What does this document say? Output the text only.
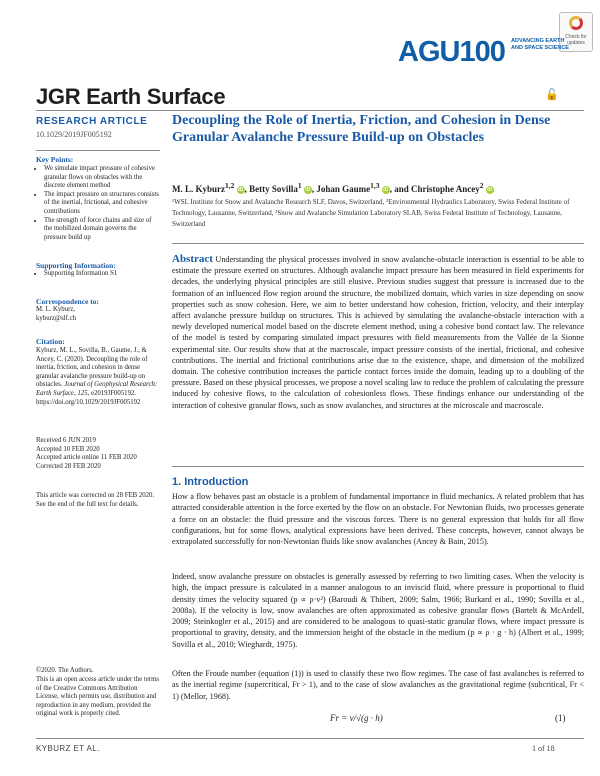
Check for updates
AGU100 ADVANCING EARTH AND SPACE SCIENCE
JGR Earth Surface	🔓
RESEARCH ARTICLE
10.1029/2019JF005192
Decoupling the Role of Inertia, Friction, and Cohesion in Dense Granular Avalanche Pressure Build-up on Obstacles
M. L. Kyburz$^{1,2}$ iD , Betty Sovilla$^1$ iD , Johan Gaume$^{1,3}$ iD , and Christophe Ancey$^2$ iD
¹WSL Institute for Snow and Avalanche Research SLF, Davos, Switzerland, ²Environmental Hydraulics Laboratory, Swiss Federal Institute of Technology, Lausanne, Switzerland, ³Snow and Avalanche Simulation Laboratory SLAB, Swiss Federal Institute of Technology, Lausanne, Switzerland
Abstract Understanding the physical processes involved in snow avalanche-obstacle interaction is essential to be able to estimate the pressure exerted on structures. Although avalanche impact pressure has been measured in field experiments for decades, the underlying physical principles are still elusive. Previous studies suggest that pressure is increased due to the formation of an influenced flow region around the structure, the mobilized domain, which varies in size depending on snow properties such as snow cohesion. Here, we aim to better understand how cohesion, friction, velocity, and their interplay affect avalanche pressure buildup on structures. This is achieved by simulating the avalanche-obstacle interaction with a newly developed numerical model based on the discrete element method, using a cohesive bond contact law. The relevance of the model is tested by comparing simulated impact pressures with field measurements from the Vallée de la Sionne experimental site. Our results show that at the macroscale, impact pressure consists of the inertial, frictional, and cohesive contributions. The inertial and frictional contributions arise due to the existence, shape, and dimension of the mobilized domain. The cohesive contribution increases the particle contact forces inside the domain, leading up to a doubling of the pressure. Based on these physical processes, we propose a novel scaling law to reduce the problem of calculating the pressure induced by cohesive flows, to the calculation of cohesionless flows. These findings enhance our understanding of the interaction of cohesive granular flows, such as snow avalanches, and structures at the microscale and macroscale.
Key Points:
• We simulate impact pressure of cohesive granular flows on obstacles with the discrete element method
• The impact pressure on structures consists of the inertial, frictional, and cohesive contributions
• The strength of force chains and size of the mobilized domain governs the pressure build up
Supporting Information:
• Supporting Information S1
Correspondence to:
M. L. Kyburz,
kyburz@slf.ch
Citation:
Kyburz, M. L., Sovilla, B., Gaume, J., & Ancey, C. (2020). Decoupling the role of inertia, friction, and cohesion in dense granular avalanche pressure build-up on obstacles. Journal of Geophysical Research: Earth Surface, 125, e2019JF005192. https://doi.org/10.1029/2019JF005192
Received 6 JUN 2019
Accepted 10 FEB 2020
Accepted article online 11 FEB 2020
Corrected 28 FEB 2020
This article was corrected on 28 FEB 2020. See the end of the full text for details.
©2020. The Authors.
This is an open access article under the terms of the Creative Commons Attribution License, which permits use, distribution and reproduction in any medium, provided the original work is properly cited.
1. Introduction
How a flow behaves past an obstacle is a problem of fundamental importance in fluid mechanics. A related problem that has attracted considerable attention is the force exerted by the flow on an obstacle. For Newtonian fluids, two processes generate a force on an obstacle: the fluid pressure and the viscous forces. There is no general expression that holds for all flow configurations, but for some flows, analytical expressions have been derived. These concepts, however, cannot always be extrapolated successfully for non-Newtonian fluids like snow avalanches (Ancey & Bain, 2015).
Indeed, snow avalanche pressure on obstacles is generally assessed by referring to two limiting cases. When the velocity is high, the impact pressure is calculated in a manner analogous to an inviscid fluid, where pressure is proportional to fluid density times the velocity squared (p ∝ ρ·v²) (Baroudi & Thibert, 2009; Salm, 1966; Burkard et al., 1990; Sovilla et al., 2008a). If the velocity is low, snow avalanches are often approximated as cohesive granular flows (Bartelt & McArdell, 2009; Steinkogler et al., 2015) and are considered to be analogous to quasi-static granular flows, where impact pressure is proportional to gravity, density, and the immersion height of the obstacle in the medium (p ∝ ρ · g · h) (Albert et al., 1999; Sovilla et al., 2010; Wieghardt, 1975).
Often the Froude number (equation (1)) is used to classify these two flow regimes. The case of fast avalanches is referred to as the inertial regime (supercritical, Fr > 1), and to the case of slow avalanches as the gravitational regime (subcritical, Fr < 1) (Mellor, 1968).
Fr = v/√(g · h)	(1)
KYBURZ ET AL.	1 of 18
